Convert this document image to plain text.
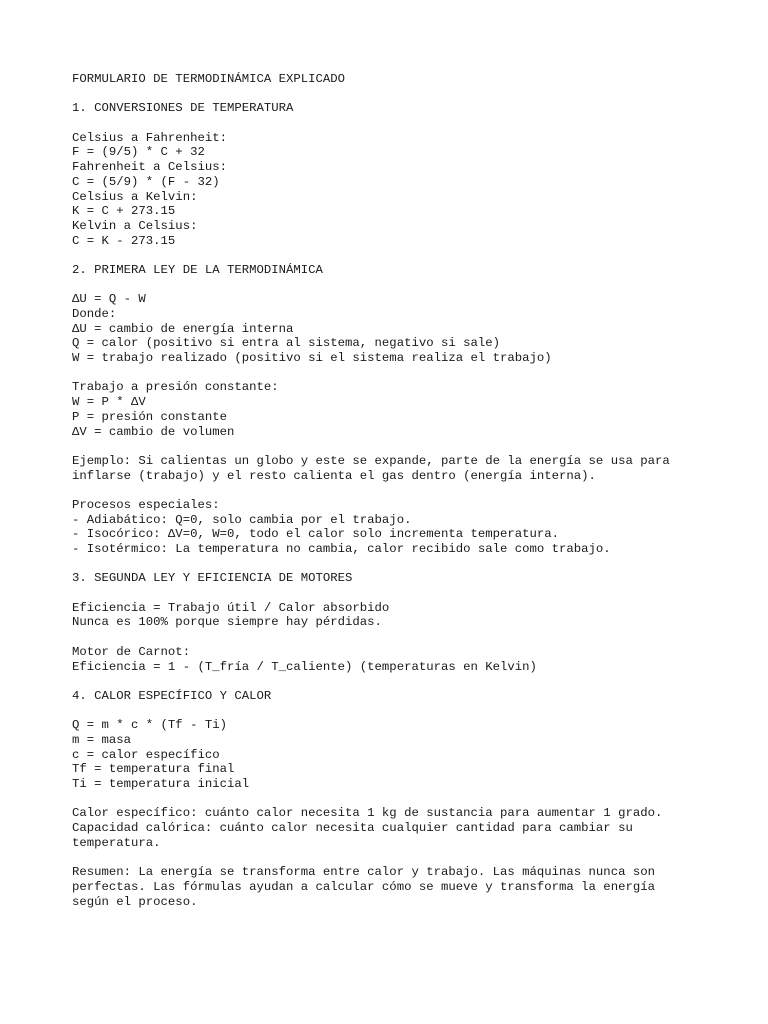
FORMULARIO DE TERMODINÁMICA EXPLICADO
1. CONVERSIONES DE TEMPERATURA
Celsius a Fahrenheit:
F = (9/5) * C + 32
Fahrenheit a Celsius:
C = (5/9) * (F - 32)
Celsius a Kelvin:
K = C + 273.15
Kelvin a Celsius:
C = K - 273.15
2. PRIMERA LEY DE LA TERMODINÁMICA
ΔU = Q - W
Donde:
ΔU = cambio de energía interna
Q = calor (positivo si entra al sistema, negativo si sale)
W = trabajo realizado (positivo si el sistema realiza el trabajo)
Trabajo a presión constante:
W = P * ΔV
P = presión constante
ΔV = cambio de volumen
Ejemplo: Si calientas un globo y este se expande, parte de la energía se usa para
inflarse (trabajo) y el resto calienta el gas dentro (energía interna).
Procesos especiales:
- Adiabático: Q=0, solo cambia por el trabajo.
- Isocórico: ΔV=0, W=0, todo el calor solo incrementa temperatura.
- Isotérmico: La temperatura no cambia, calor recibido sale como trabajo.
3. SEGUNDA LEY Y EFICIENCIA DE MOTORES
Eficiencia = Trabajo útil / Calor absorbido
Nunca es 100% porque siempre hay pérdidas.
Motor de Carnot:
Eficiencia = 1 - (T_fría / T_caliente) (temperaturas en Kelvin)
4. CALOR ESPECÍFICO Y CALOR
Q = m * c * (Tf - Ti)
m = masa
c = calor específico
Tf = temperatura final
Ti = temperatura inicial
Calor específico: cuánto calor necesita 1 kg de sustancia para aumentar 1 grado.
Capacidad calórica: cuánto calor necesita cualquier cantidad para cambiar su
temperatura.
Resumen: La energía se transforma entre calor y trabajo. Las máquinas nunca son
perfectas. Las fórmulas ayudan a calcular cómo se mueve y transforma la energía
según el proceso.
